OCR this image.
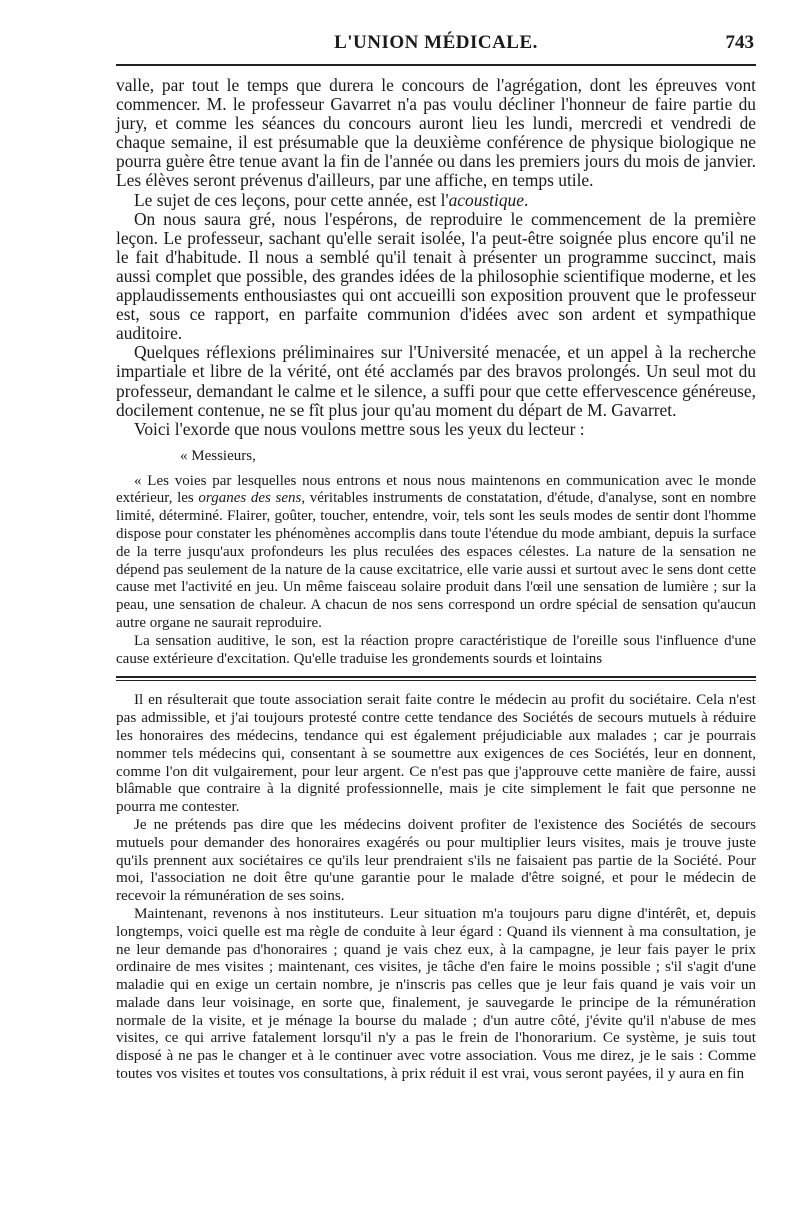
L'UNION MÉDICALE.	743

valle, par tout le temps que durera le concours de l'agrégation, dont les épreuves vont commencer. M. le professeur Gavarret n'a pas voulu décliner l'honneur de faire partie du jury, et comme les séances du concours auront lieu les lundi, mercredi et vendredi de chaque semaine, il est présumable que la deuxième conférence de physique biologique ne pourra guère être tenue avant la fin de l'année ou dans les premiers jours du mois de janvier. Les élèves seront prévenus d'ailleurs, par une affiche, en temps utile.

Le sujet de ces leçons, pour cette année, est l'acoustique.

On nous saura gré, nous l'espérons, de reproduire le commencement de la première leçon. Le professeur, sachant qu'elle serait isolée, l'a peut-être soignée plus encore qu'il ne le fait d'habitude. Il nous a semblé qu'il tenait à présenter un programme succinct, mais aussi complet que possible, des grandes idées de la philosophie scientifique moderne, et les applaudissements enthousiastes qui ont accueilli son exposition prouvent que le professeur est, sous ce rapport, en parfaite communion d'idées avec son ardent et sympathique auditoire.

Quelques réflexions préliminaires sur l'Université menacée, et un appel à la recherche impartiale et libre de la vérité, ont été acclamés par des bravos prolongés. Un seul mot du professeur, demandant le calme et le silence, a suffi pour que cette effervescence généreuse, docilement contenue, ne se fît plus jour qu'au moment du départ de M. Gavarret.

Voici l'exorde que nous voulons mettre sous les yeux du lecteur :

« Messieurs,

« Les voies par lesquelles nous entrons et nous nous maintenons en communication avec le monde extérieur, les organes des sens, véritables instruments de constatation, d'étude, d'analyse, sont en nombre limité, déterminé. Flairer, goûter, toucher, entendre, voir, tels sont les seuls modes de sentir dont l'homme dispose pour constater les phénomènes accomplis dans toute l'étendue du mode ambiant, depuis la surface de la terre jusqu'aux profondeurs les plus reculées des espaces célestes. La nature de la sensation ne dépend pas seulement de la nature de la cause excitatrice, elle varie aussi et surtout avec le sens dont cette cause met l'activité en jeu. Un même faisceau solaire produit dans l'œil une sensation de lumière ; sur la peau, une sensation de chaleur. A chacun de nos sens correspond un ordre spécial de sensation qu'aucun autre organe ne saurait reproduire.

La sensation auditive, le son, est la réaction propre caractéristique de l'oreille sous l'influence d'une cause extérieure d'excitation. Qu'elle traduise les grondements sourds et lointains

Il en résulterait que toute association serait faite contre le médecin au profit du sociétaire. Cela n'est pas admissible, et j'ai toujours protesté contre cette tendance des Sociétés de secours mutuels à réduire les honoraires des médecins, tendance qui est également préjudiciable aux malades ; car je pourrais nommer tels médecins qui, consentant à se soumettre aux exigences de ces Sociétés, leur en donnent, comme l'on dit vulgairement, pour leur argent. Ce n'est pas que j'approuve cette manière de faire, aussi blâmable que contraire à la dignité professionnelle, mais je cite simplement le fait que personne ne pourra me contester.

Je ne prétends pas dire que les médecins doivent profiter de l'existence des Sociétés de secours mutuels pour demander des honoraires exagérés ou pour multiplier leurs visites, mais je trouve juste qu'ils prennent aux sociétaires ce qu'ils leur prendraient s'ils ne faisaient pas partie de la Société. Pour moi, l'association ne doit être qu'une garantie pour le malade d'être soigné, et pour le médecin de recevoir la rémunération de ses soins.

Maintenant, revenons à nos instituteurs. Leur situation m'a toujours paru digne d'intérêt, et, depuis longtemps, voici quelle est ma règle de conduite à leur égard : Quand ils viennent à ma consultation, je ne leur demande pas d'honoraires ; quand je vais chez eux, à la campagne, je leur fais payer le prix ordinaire de mes visites ; maintenant, ces visites, je tâche d'en faire le moins possible ; s'il s'agit d'une maladie qui en exige un certain nombre, je n'inscris pas celles que je leur fais quand je vais voir un malade dans leur voisinage, en sorte que, finalement, je sauvegarde le principe de la rémunération normale de la visite, et je ménage la bourse du malade ; d'un autre côté, j'évite qu'il n'abuse de mes visites, ce qui arrive fatalement lorsqu'il n'y a pas le frein de l'honorarium. Ce système, je suis tout disposé à ne pas le changer et à le continuer avec votre association. Vous me direz, je le sais : Comme toutes vos visites et toutes vos consultations, à prix réduit il est vrai, vous seront payées, il y aura en fin
